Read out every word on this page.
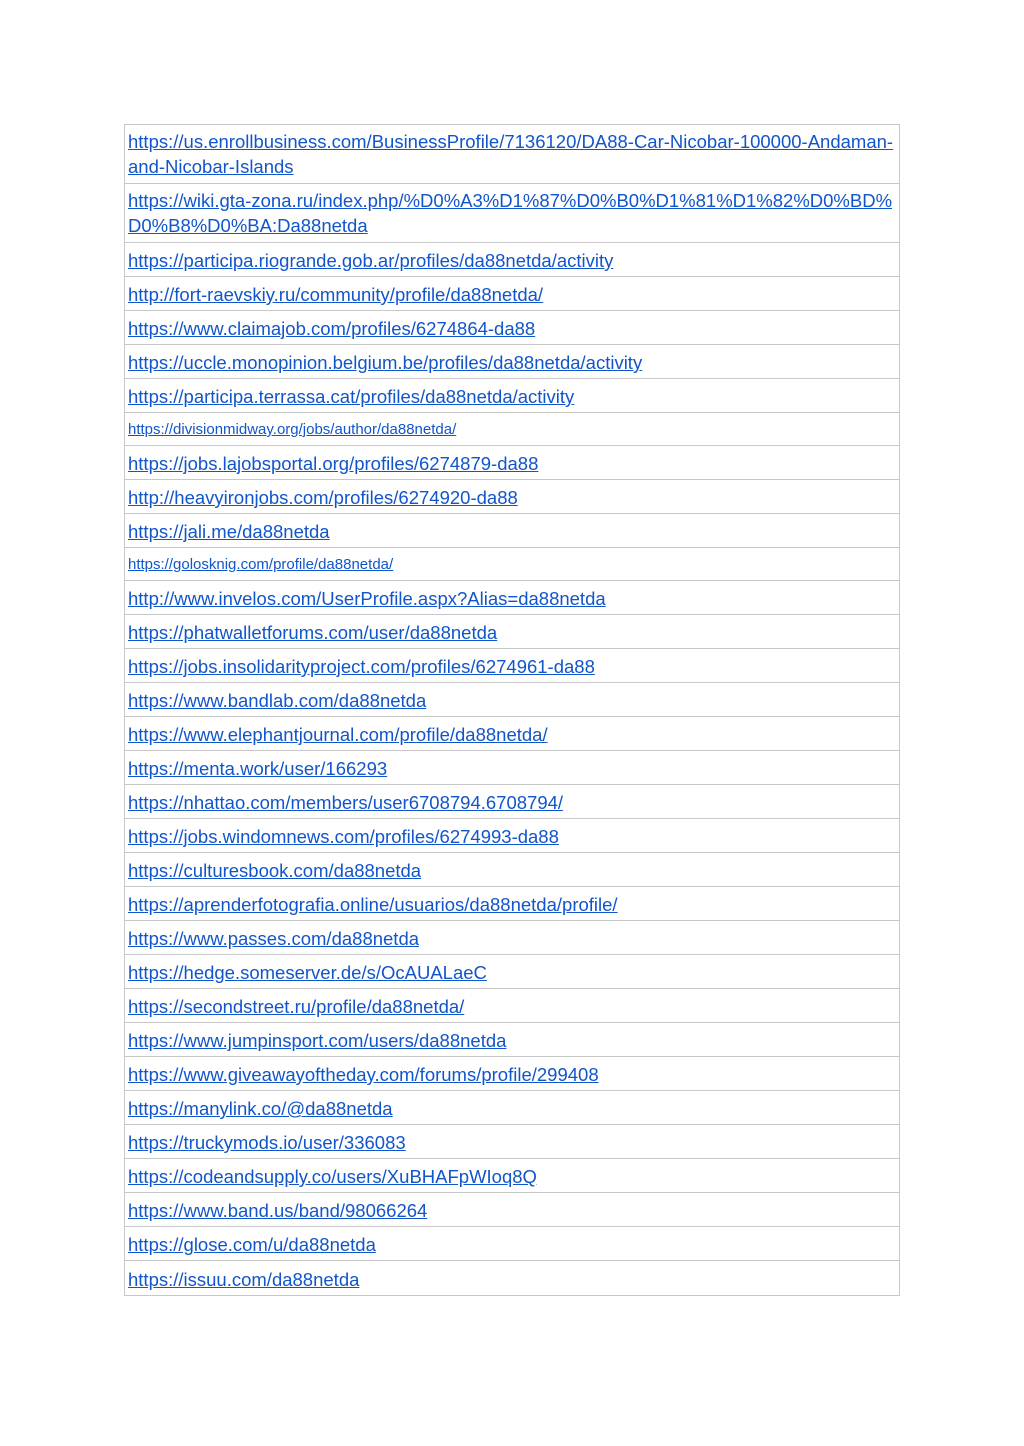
https://us.enrollbusiness.com/BusinessProfile/7136120/DA88-Car-Nicobar-100000-Andaman-and-Nicobar-Islands
https://wiki.gta-zona.ru/index.php/%D0%A3%D1%87%D0%B0%D1%81%D1%82%D0%BD%D0%B8%D0%BA:Da88netda
https://participa.riogrande.gob.ar/profiles/da88netda/activity
http://fort-raevskiy.ru/community/profile/da88netda/
https://www.claimajob.com/profiles/6274864-da88
https://uccle.monopinion.belgium.be/profiles/da88netda/activity
https://participa.terrassa.cat/profiles/da88netda/activity
https://divisionmidway.org/jobs/author/da88netda/
https://jobs.lajobsportal.org/profiles/6274879-da88
http://heavyironjobs.com/profiles/6274920-da88
https://jali.me/da88netda
https://golosknig.com/profile/da88netda/
http://www.invelos.com/UserProfile.aspx?Alias=da88netda
https://phatwalletforums.com/user/da88netda
https://jobs.insolidarityproject.com/profiles/6274961-da88
https://www.bandlab.com/da88netda
https://www.elephantjournal.com/profile/da88netda/
https://menta.work/user/166293
https://nhattao.com/members/user6708794.6708794/
https://jobs.windomnews.com/profiles/6274993-da88
https://culturesbook.com/da88netda
https://aprenderfotografia.online/usuarios/da88netda/profile/
https://www.passes.com/da88netda
https://hedge.someserver.de/s/OcAUALaeC
https://secondstreet.ru/profile/da88netda/
https://www.jumpinsport.com/users/da88netda
https://www.giveawayoftheday.com/forums/profile/299408
https://manylink.co/@da88netda
https://truckymods.io/user/336083
https://codeandsupply.co/users/XuBHAFpWIoq8Q
https://www.band.us/band/98066264
https://glose.com/u/da88netda
https://issuu.com/da88netda
